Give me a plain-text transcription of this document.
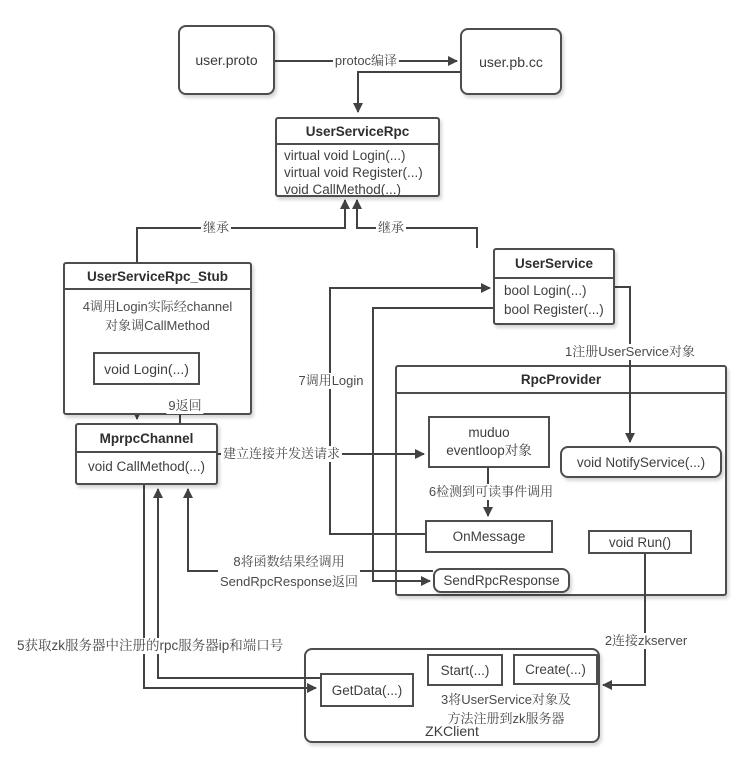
RpcProvider
ZKClient
user.proto	user.pb.cc
UserServiceRpc
virtual void Login(...)
virtual void Register(...)
void CallMethod(...)
UserServiceRpc_Stub
4调用Login实际经channel
对象调CallMethod
void Login(...)
MprpcChannel
void CallMethod(...)
UserService
bool Login(...)
bool Register(...)
muduo
eventloop对象
void NotifyService(...)
OnMessage	void Run()
SendRpcResponse
GetData(...)
Start(...)	Create(...)
3将UserService对象及
方法注册到zk服务器
protoc编译
继承	继承
9返回
建立连接并发送请求
7调用Login
1注册UserService对象
6检测到可读事件调用
8将函数结果经调用
SendRpcResponse返回
5获取zk服务器中注册的rpc服务器ip和端口号	2连接zkserver
